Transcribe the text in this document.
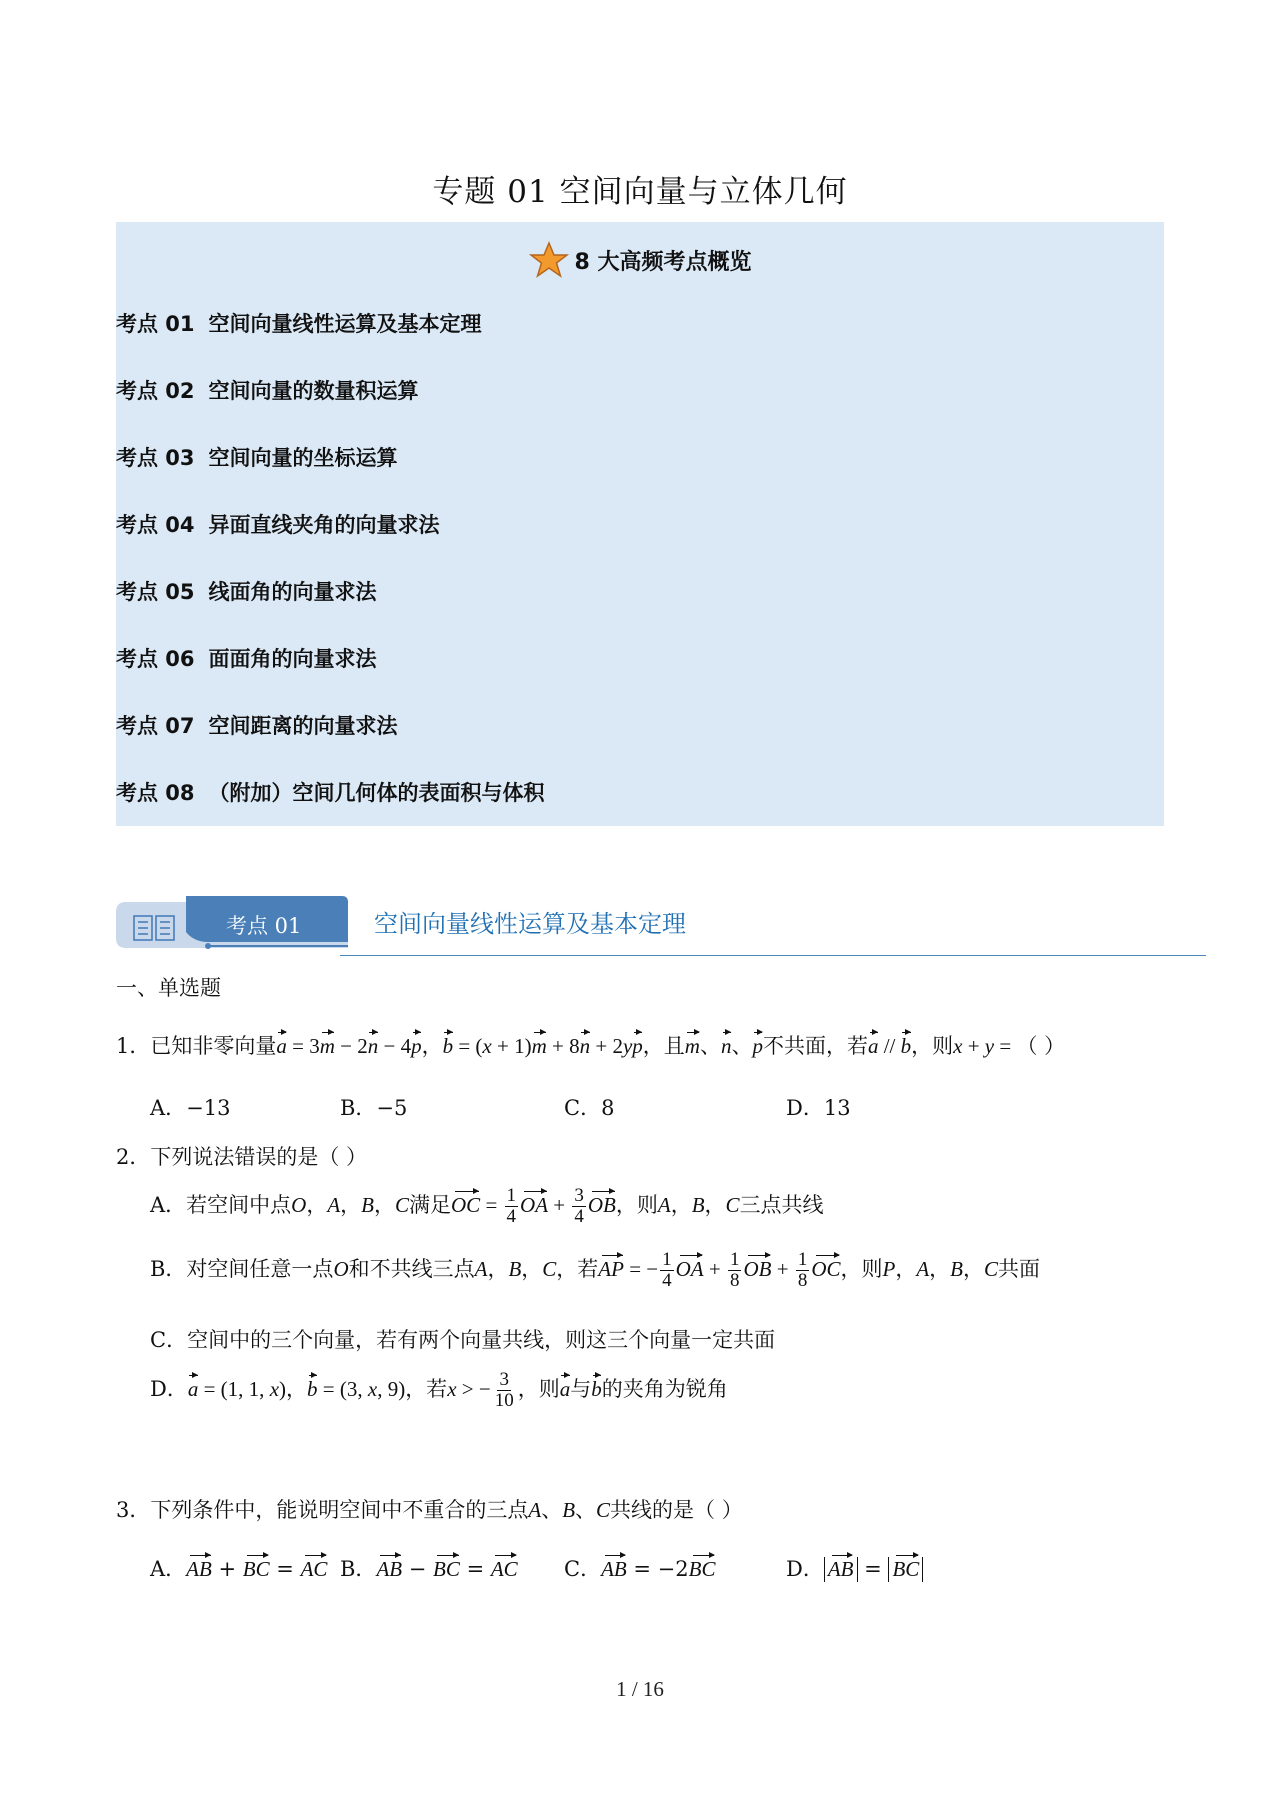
专题 01 空间向量与立体几何
8 大高频考点概览
考点 01 空间向量线性运算及基本定理
考点 02 空间向量的数量积运算
考点 03 空间向量的坐标运算
考点 04 异面直线夹角的向量求法
考点 05 线面角的向量求法
考点 06 面面角的向量求法
考点 07 空间距离的向量求法
考点 08 （附加）空间几何体的表面积与体积
考点 01	空间向量线性运算及基本定理
一、单选题
1．已知非零向量a = 3m − 2n − 4p，b = (x + 1)m + 8n + 2yp，且m、n、p不共面，若a // b，则x + y = （ ）
A．−13	B．−5	C．8	D．13
2．下列说法错误的是（ ）
A．若空间中点O，A，B，C满足OC = $\frac{1}{4}$ OA + $\frac{3}{4}$ OB，则A，B，C三点共线
B．对空间任意一点O和不共线三点A，B，C，若AP = − $\frac{1}{4}$ OA + $\frac{1}{8}$ OB + $\frac{1}{8}$ OC，则P，A，B，C共面
C．空间中的三个向量，若有两个向量共线，则这三个向量一定共面
D．a = (1, 1, x)，b = (3, x, 9)，若x > − $\frac{3}{10}$ ，则a与b的夹角为锐角
3．下列条件中，能说明空间中不重合的三点A、B、C共线的是（ ）
A．AB + BC = AC B．AB − BC = AC C．AB = −2BC	D． AB = BC
1 / 16
